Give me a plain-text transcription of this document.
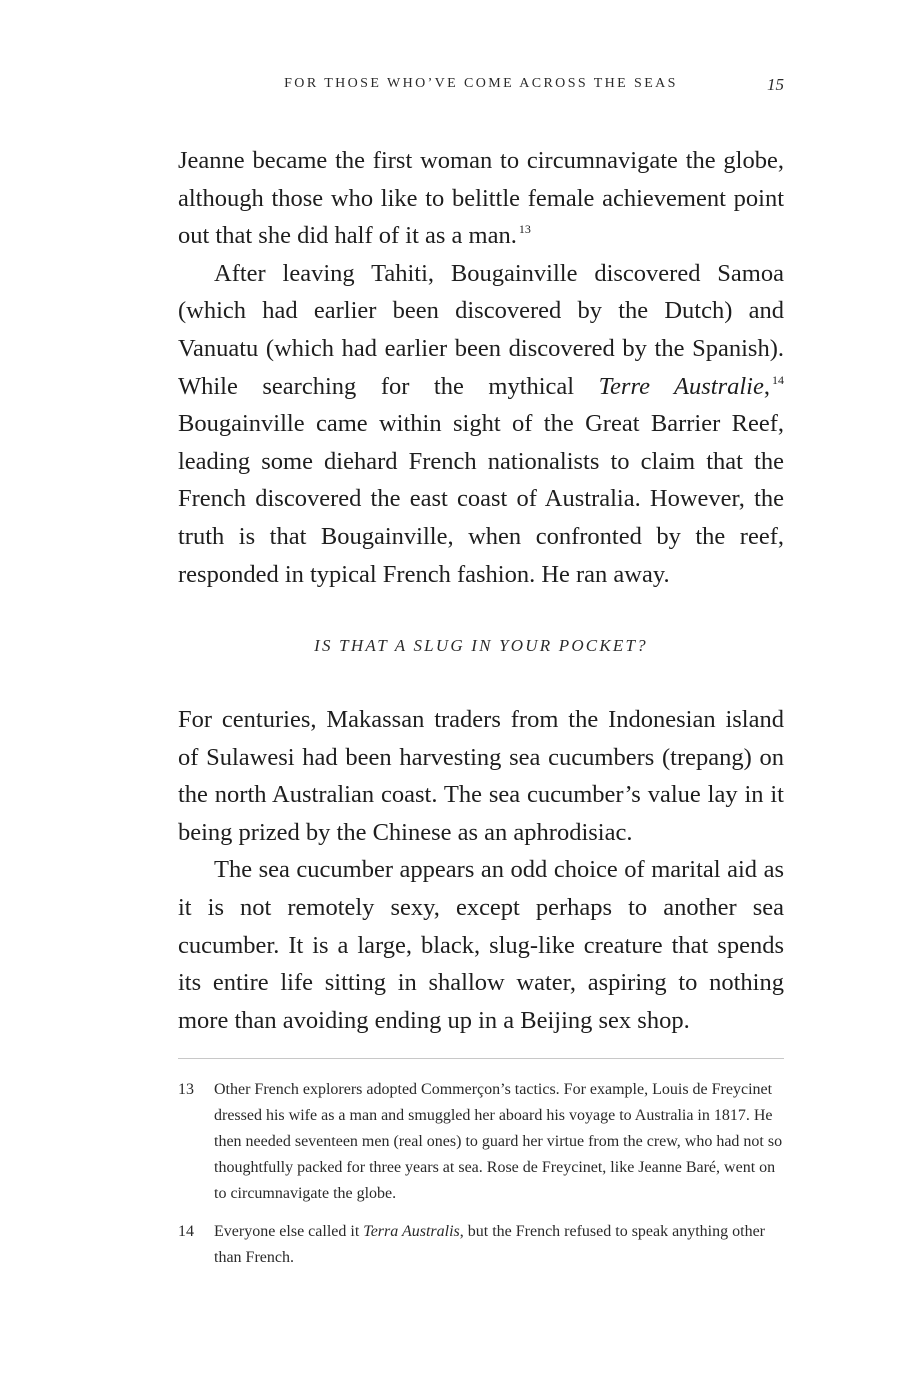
FOR THOSE WHO’VE COME ACROSS THE SEAS	15

Jeanne became the first woman to circumnavigate the globe, although those who like to belittle female achievement point out that she did half of it as a man. $^{13}$

After leaving Tahiti, Bougainville discovered Samoa (which had earlier been discovered by the Dutch) and Vanuatu (which had earlier been discovered by the Spanish). While searching for the mythical Terre Australie, $^{14}$ Bougainville came within sight of the Great Barrier Reef, leading some diehard French nationalists to claim that the French discovered the east coast of Australia. However, the truth is that Bougainville, when confronted by the reef, responded in typical French fashion. He ran away.

IS THAT A SLUG IN YOUR POCKET?

For centuries, Makassan traders from the Indonesian island of Sulawesi had been harvesting sea cucumbers (trepang) on the north Australian coast. The sea cucumber’s value lay in it being prized by the Chinese as an aphrodisiac.

The sea cucumber appears an odd choice of marital aid as it is not remotely sexy, except perhaps to another sea cucumber. It is a large, black, slug-like creature that spends its entire life sitting in shallow water, aspiring to nothing more than avoiding ending up in a Beijing sex shop.

13	Other French explorers adopted Commerçon’s tactics. For example, Louis de Freycinet dressed his wife as a man and smuggled her aboard his voyage to Australia in 1817. He then needed seventeen men (real ones) to guard her virtue from the crew, who had not so thoughtfully packed for three years at sea. Rose de Freycinet, like Jeanne Baré, went on to circumnavigate the globe.
14	Everyone else called it Terra Australis, but the French refused to speak anything other than French.
